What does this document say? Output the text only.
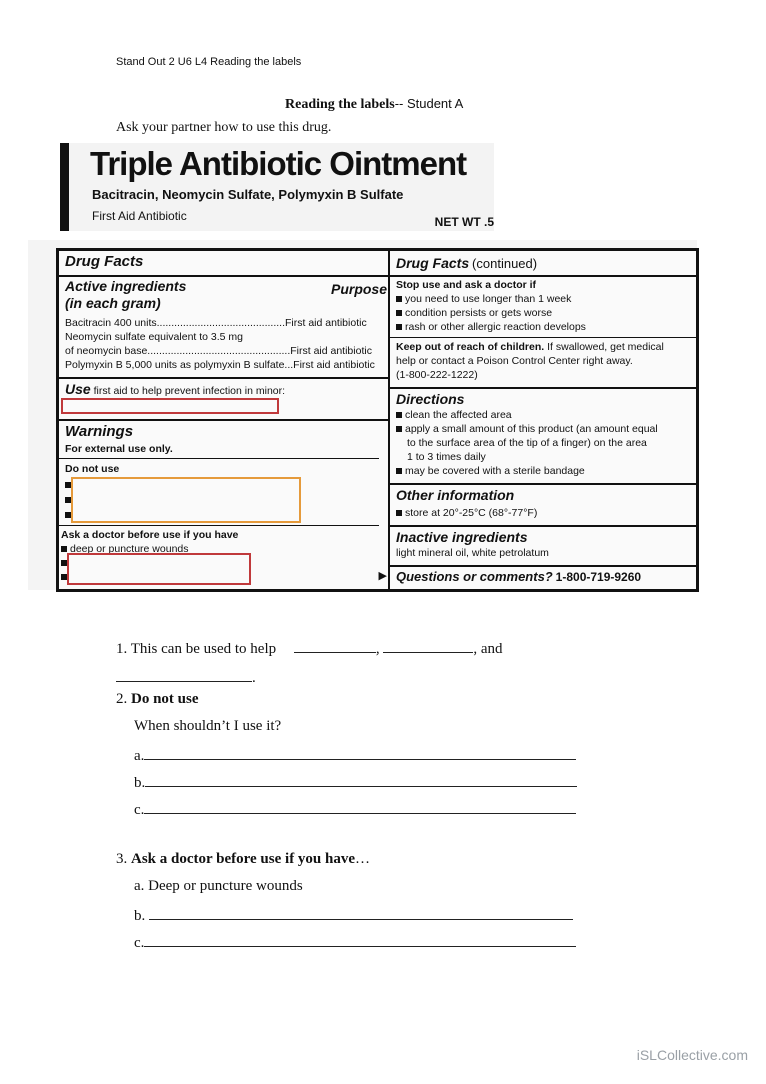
Stand Out 2 U6 L4 Reading the labels
Reading the labels-- Student A
Ask your partner how to use this drug.
Triple Antibiotic Ointment
Bacitracin, Neomycin Sulfate, Polymyxin B Sulfate
First Aid Antibiotic	NET WT .5
Drug Facts
Active ingredients
(in each gram)
Purpose
Bacitracin 400 units............................................First aid antibiotic
Neomycin sulfate equivalent to 3.5 mg
of neomycin base.................................................First aid antibiotic
Polymyxin B 5,000 units as polymyxin B sulfate...First aid antibiotic
Use first aid to help prevent infection in minor:
Warnings
For external use only.
Do not use
Ask a doctor before use if you have
deep or puncture wounds
▶
Drug Facts (continued)
Stop use and ask a doctor if
you need to use longer than 1 week
condition persists or gets worse
rash or other allergic reaction develops
Keep out of reach of children. If swallowed, get medical
help or contact a Poison Control Center right away.
(1-800-222-1222)
Directions
clean the affected area
apply a small amount of this product (an amount equal
to the surface area of the tip of a finger) on the area
1 to 3 times daily
may be covered with a sterile bandage
Other information
store at 20°-25°C (68°-77°F)
Inactive ingredients
light mineral oil, white petrolatum
Questions or comments? 1-800-719-9260
1. This can be used to help	,	, and
.
2. Do not use
When shouldn’t I use it?
a.
b.
c.
3. Ask a doctor before use if you have…
a. Deep or puncture wounds
b.
c.
iSLCollective.com
